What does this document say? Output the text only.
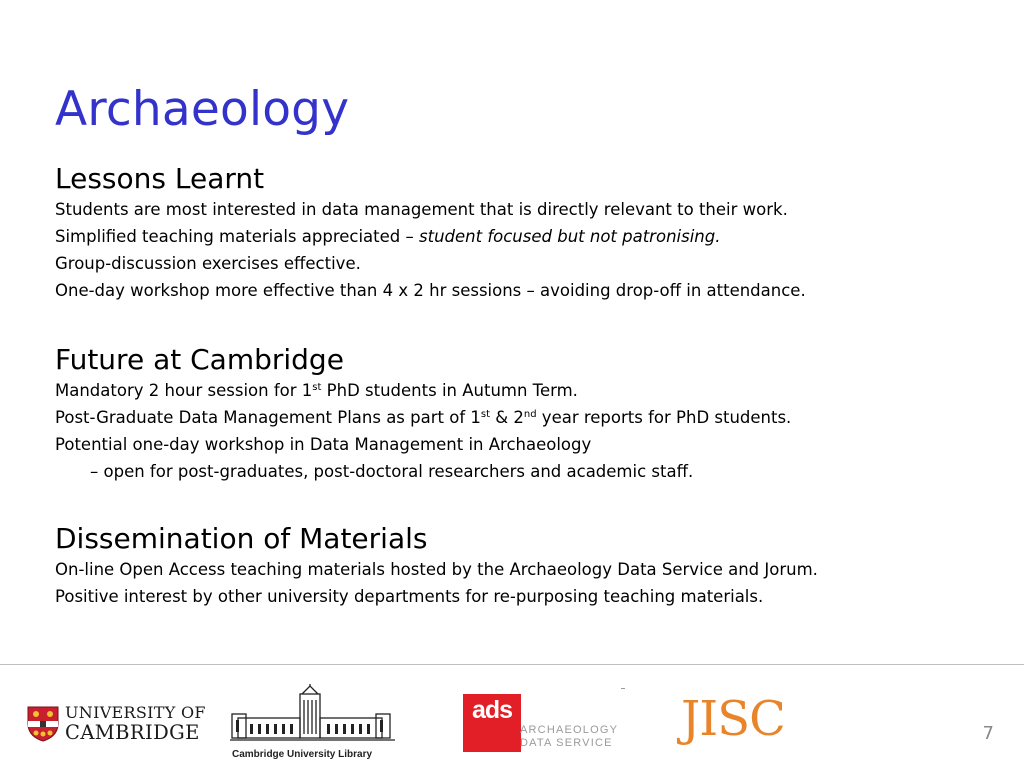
Archaeology
Lessons Learnt
Students are most interested in data management that is directly relevant to their work.
Simplified teaching materials appreciated – student focused but not patronising.
Group-discussion exercises effective.
One-day workshop more effective than 4 x 2 hr sessions – avoiding drop-off in attendance.
Future at Cambridge
Mandatory 2 hour session for 1st PhD students in Autumn Term.
Post-Graduate Data Management Plans as part of 1st & 2nd year reports for PhD students.
Potential one-day workshop in Data Management in Archaeology
– open for post-graduates, post-doctoral researchers and academic staff.
Dissemination of Materials
On-line Open Access teaching materials hosted by the Archaeology Data Service and Jorum.
Positive interest by other university departments for re-purposing teaching materials.
UNIVERSITY OF
CAMBRIDGE
Cambridge University Library
ads
ARCHAEOLOGY
DATA SERVICE JISC	7
